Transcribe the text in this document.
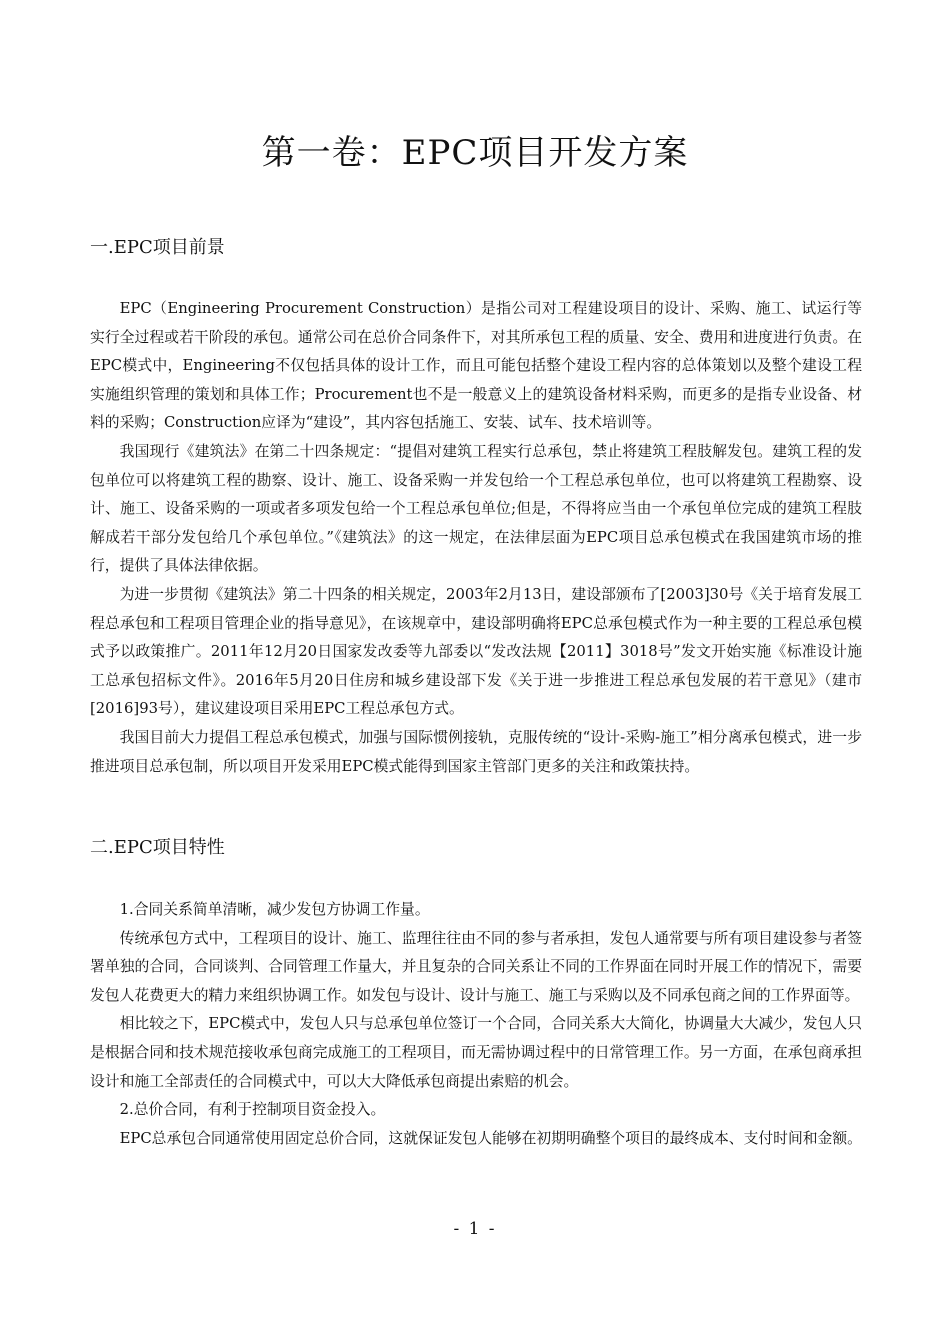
第一卷：EPC项目开发方案
一.EPC项目前景

EPC（Engineering Procurement Construction）是指公司对工程建设项目的设计、采购、施工、试运行等实行全过程或若干阶段的承包。通常公司在总价合同条件下，对其所承包工程的质量、安全、费用和进度进行负责。在EPC模式中，Engineering不仅包括具体的设计工作，而且可能包括整个建设工程内容的总体策划以及整个建设工程实施组织管理的策划和具体工作；Procurement也不是一般意义上的建筑设备材料采购，而更多的是指专业设备、材料的采购；Construction应译为“建设”，其内容包括施工、安装、试车、技术培训等。

我国现行《建筑法》在第二十四条规定：“提倡对建筑工程实行总承包，禁止将建筑工程肢解发包。建筑工程的发包单位可以将建筑工程的勘察、设计、施工、设备采购一并发包给一个工程总承包单位，也可以将建筑工程勘察、设计、施工、设备采购的一项或者多项发包给一个工程总承包单位;但是，不得将应当由一个承包单位完成的建筑工程肢解成若干部分发包给几个承包单位。”《建筑法》的这一规定，在法律层面为EPC项目总承包模式在我国建筑市场的推行，提供了具体法律依据。

为进一步贯彻《建筑法》第二十四条的相关规定，2003年2月13日，建设部颁布了[2003]30号《关于培育发展工程总承包和工程项目管理企业的指导意见》，在该规章中，建设部明确将EPC总承包模式作为一种主要的工程总承包模式予以政策推广。2011年12月20日国家发改委等九部委以“发改法规【2011】3018号”发文开始实施《标准设计施工总承包招标文件》。2016年5月20日住房和城乡建设部下发《关于进一步推进工程总承包发展的若干意见》（建市[2016]93号），建议建设项目采用EPC工程总承包方式。

我国目前大力提倡工程总承包模式，加强与国际惯例接轨，克服传统的“设计-采购-施工”相分离承包模式，进一步推进项目总承包制，所以项目开发采用EPC模式能得到国家主管部门更多的关注和政策扶持。

二.EPC项目特性

1.合同关系简单清晰，减少发包方协调工作量。

传统承包方式中，工程项目的设计、施工、监理往往由不同的参与者承担，发包人通常要与所有项目建设参与者签署单独的合同，合同谈判、合同管理工作量大，并且复杂的合同关系让不同的工作界面在同时开展工作的情况下，需要发包人花费更大的精力来组织协调工作。如发包与设计、设计与施工、施工与采购以及不同承包商之间的工作界面等。

相比较之下，EPC模式中，发包人只与总承包单位签订一个合同，合同关系大大简化，协调量大大减少，发包人只是根据合同和技术规范接收承包商完成施工的工程项目，而无需协调过程中的日常管理工作。另一方面，在承包商承担设计和施工全部责任的合同模式中，可以大大降低承包商提出索赔的机会。

2.总价合同，有利于控制项目资金投入。

EPC总承包合同通常使用固定总价合同，这就保证发包人能够在初期明确整个项目的最终成本、支付时间和金额。

- 1 -
